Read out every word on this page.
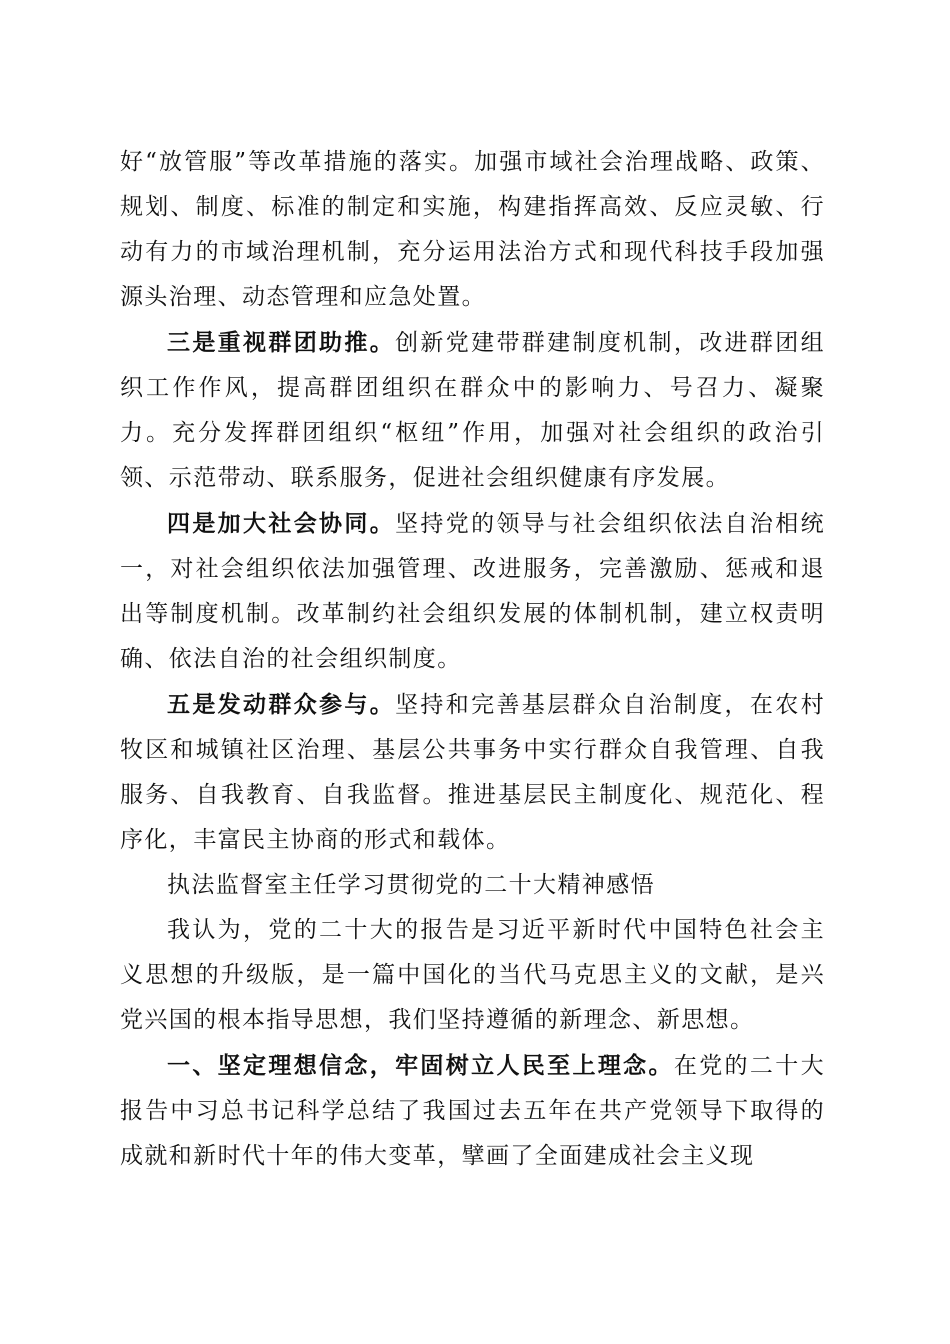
好“放管服”等改革措施的落实。加强市域社会治理战略、政策、规划、制度、标准的制定和实施，构建指挥高效、反应灵敏、行动有力的市域治理机制，充分运用法治方式和现代科技手段加强源头治理、动态管理和应急处置。

三是重视群团助推。创新党建带群建制度机制，改进群团组织工作作风，提高群团组织在群众中的影响力、号召力、凝聚力。充分发挥群团组织“枢纽”作用，加强对社会组织的政治引领、示范带动、联系服务，促进社会组织健康有序发展。

四是加大社会协同。坚持党的领导与社会组织依法自治相统一，对社会组织依法加强管理、改进服务，完善激励、惩戒和退出等制度机制。改革制约社会组织发展的体制机制，建立权责明确、依法自治的社会组织制度。

五是发动群众参与。坚持和完善基层群众自治制度，在农村牧区和城镇社区治理、基层公共事务中实行群众自我管理、自我服务、自我教育、自我监督。推进基层民主制度化、规范化、程序化，丰富民主协商的形式和载体。

执法监督室主任学习贯彻党的二十大精神感悟

我认为，党的二十大的报告是习近平新时代中国特色社会主义思想的升级版，是一篇中国化的当代马克思主义的文献，是兴党兴国的根本指导思想，我们坚持遵循的新理念、新思想。

一、坚定理想信念，牢固树立人民至上理念。在党的二十大报告中习总书记科学总结了我国过去五年在共产党领导下取得的成就和新时代十年的伟大变革，擘画了全面建成社会主义现
